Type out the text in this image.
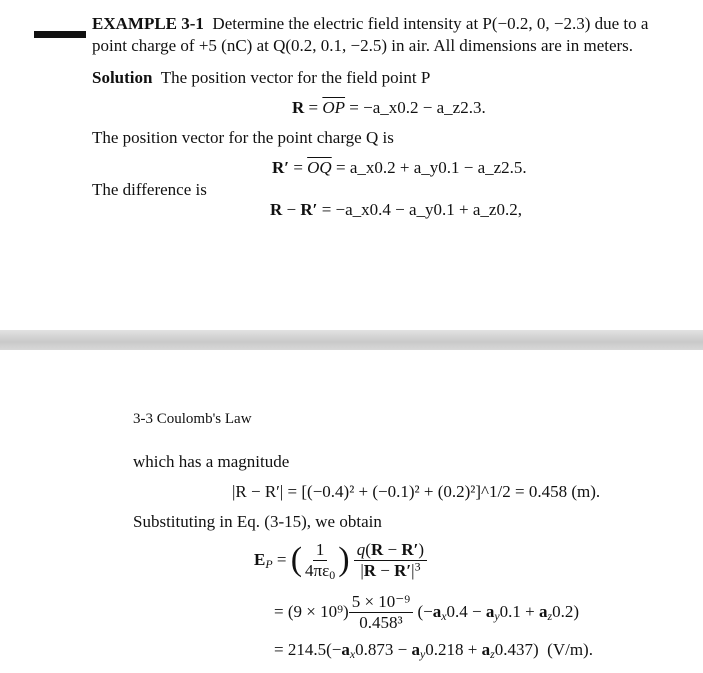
EXAMPLE 3-1 Determine the electric field intensity at P(−0.2, 0, −2.3) due to a
point charge of +5 (nC) at Q(0.2, 0.1, −2.5) in air. All dimensions are in meters.
Solution The position vector for the field point P
$R = \overline{OP}$ = −a_x0.2 − a_z2.3.
The position vector for the point charge Q is
$R' = \overline{OQ}$ = a_x0.2 + a_y0.1 − a_z2.5.
The difference is
R − R′ = −a_x0.4 − a_y0.1 + a_z0.2,
3-3 Coulomb's Law
which has a magnitude
|R − R′| = [(−0.4)² + (−0.1)² + (0.2)²]^1/2 = 0.458 (m).
Substituting in Eq. (3-15), we obtain
$E_P$ = ( $\frac{1}{4\pi\varepsilon_0}$ )
$\frac{q(R - R')}{|R - R'|^3}$
= $(9 \times 10^9) \frac{\text{5 × 10⁻⁹}}{\text{0.458³}} (-a_x0.4 - a_y0.1 + a_z0.2)$
= $214.5(-a_x0.873 - a_y0.218 + a_z0.437)$  (V/m).
